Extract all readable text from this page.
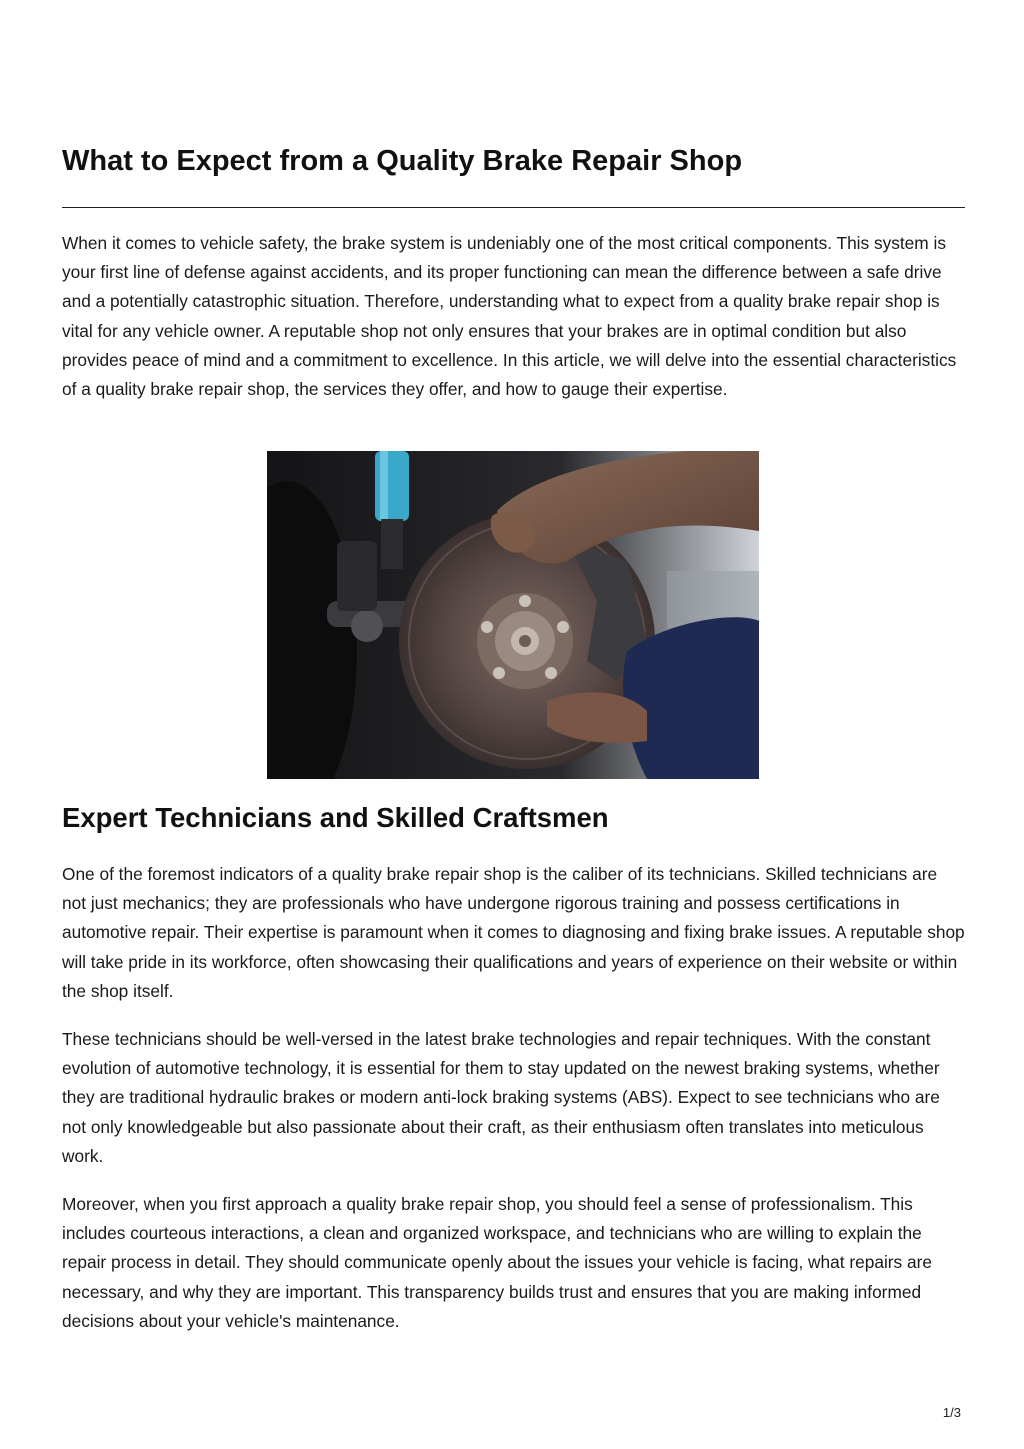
What to Expect from a Quality Brake Repair Shop

When it comes to vehicle safety, the brake system is undeniably one of the most critical components. This system is your first line of defense against accidents, and its proper functioning can mean the difference between a safe drive and a potentially catastrophic situation. Therefore, understanding what to expect from a quality brake repair shop is vital for any vehicle owner. A reputable shop not only ensures that your brakes are in optimal condition but also provides peace of mind and a commitment to excellence. In this article, we will delve into the essential characteristics of a quality brake repair shop, the services they offer, and how to gauge their expertise.

Expert Technicians and Skilled Craftsmen

One of the foremost indicators of a quality brake repair shop is the caliber of its technicians. Skilled technicians are not just mechanics; they are professionals who have undergone rigorous training and possess certifications in automotive repair. Their expertise is paramount when it comes to diagnosing and fixing brake issues. A reputable shop will take pride in its workforce, often showcasing their qualifications and years of experience on their website or within the shop itself.

These technicians should be well-versed in the latest brake technologies and repair techniques. With the constant evolution of automotive technology, it is essential for them to stay updated on the newest braking systems, whether they are traditional hydraulic brakes or modern anti-lock braking systems (ABS). Expect to see technicians who are not only knowledgeable but also passionate about their craft, as their enthusiasm often translates into meticulous work.

Moreover, when you first approach a quality brake repair shop, you should feel a sense of professionalism. This includes courteous interactions, a clean and organized workspace, and technicians who are willing to explain the repair process in detail. They should communicate openly about the issues your vehicle is facing, what repairs are necessary, and why they are important. This transparency builds trust and ensures that you are making informed decisions about your vehicle's maintenance.

1/3
